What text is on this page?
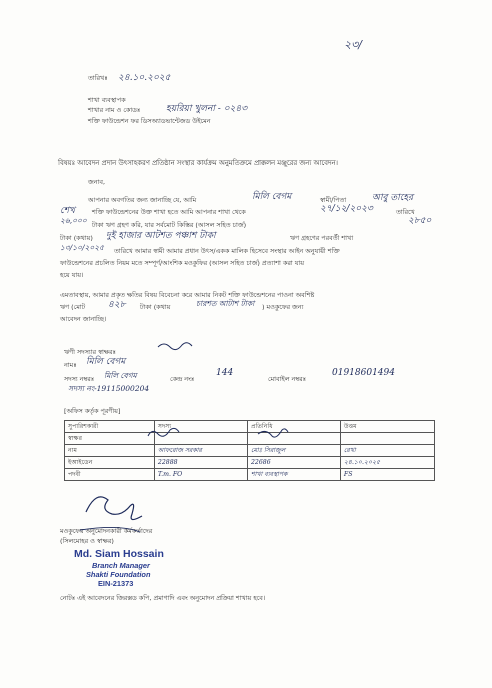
২৩/
তারিখঃ ২৪.১০.২০২৫
শাখা ব্যবস্থাপক
শাখার নাম ও কোডঃ	হয়রিয়া খুলনা - ০২৪৩
শক্তি ফাউন্ডেশন ফর ডিসঅ্যাডভান্টেজড উইমেন
বিষয়ঃ আবেদন প্রদান উৎসাহকরণ প্রতিষ্ঠান সংস্থার কার্যক্রম অনুমতিক্রমে প্রাক্কলন মঞ্জুরের জন্য আবেদন।
জনাব,
আপনার অবগতির জন্য জানাচ্ছি যে, আমি	মিলি বেগম	স্বামী/পিতা	আবু তাহের
শেখ	শক্তি ফাউন্ডেশনের উক্ত শাখা হতে আমি আপনার শাখা থেকে	২৭/১২/২০২৩	তারিখে
২৬,০০০ টাকা ঋণ গ্রহণ করি, যার সর্বমোট কিস্তির (আসল সহিত চার্জ)	২৮৫০
টাকা (কথায়) দুই হাজার আটশত পঞ্চাশ টাকা	ঋণ গ্রহণের পরবর্তী শাখা
১৩/১০/২০২৫ তারিখে আমার স্বামী আমার প্রধান উৎস/একক মালিক হিসেবে সংস্থার আইন অনুযায়ী শক্তি
ফাউন্ডেশনের প্রচলিত নিয়ম মতে সম্পূর্ণ/আংশিক মওকুফির (আসল সহিত চার্জ) প্রত্যাশা করা যায়
হয়ে যায়।
এমতাবস্থায়, আমার প্রকৃত ক্ষতির বিষয় বিবেচনা করে আমার নিকট শক্তি ফাউন্ডেশনের পাওনা অবশিষ্ট
ঋণ (মোট	৪২৮ টাকা (কথায়	চারশত আটাশ টাকা ) মওকুফের জন্য
আবেদন জানাচ্ছি।
ঋণী সদস্যার স্বাক্ষরঃ
নামঃ মিলি বেগম
সদস্য নম্বরঃ মিলি বেগম	কেন্দ্র নংঃ
144
মোবাইল নম্বরঃ
01918601494
সদস্য নং-19115000204
[অফিস কর্তৃক পূরণীয়]
সুপারিশকারী	সদস্য	প্রতিনিধি	উত্তম
স্বাক্ষর			
নাম	আফরোজ সরকার	মোঃ সিরাজুল	রেখা
ইআইডেন	22888	22686	২৪.১০.২০২৫
পদবী	T.m. FO	শাখা ব্যবস্থাপক	FS
মওকুফের অনুমোদনকারী কর্মকর্তাদের
(সিলমোহর ও স্বাক্ষর)
Md. Siam Hossain
Branch Manager
Shakti Foundation
EIN-21373
নোটঃ এই আবেদনের জিরক্সড কপি, প্রমাণাদি এবং অনুমোদন প্রক্রিয়া শাখায় হবে।
